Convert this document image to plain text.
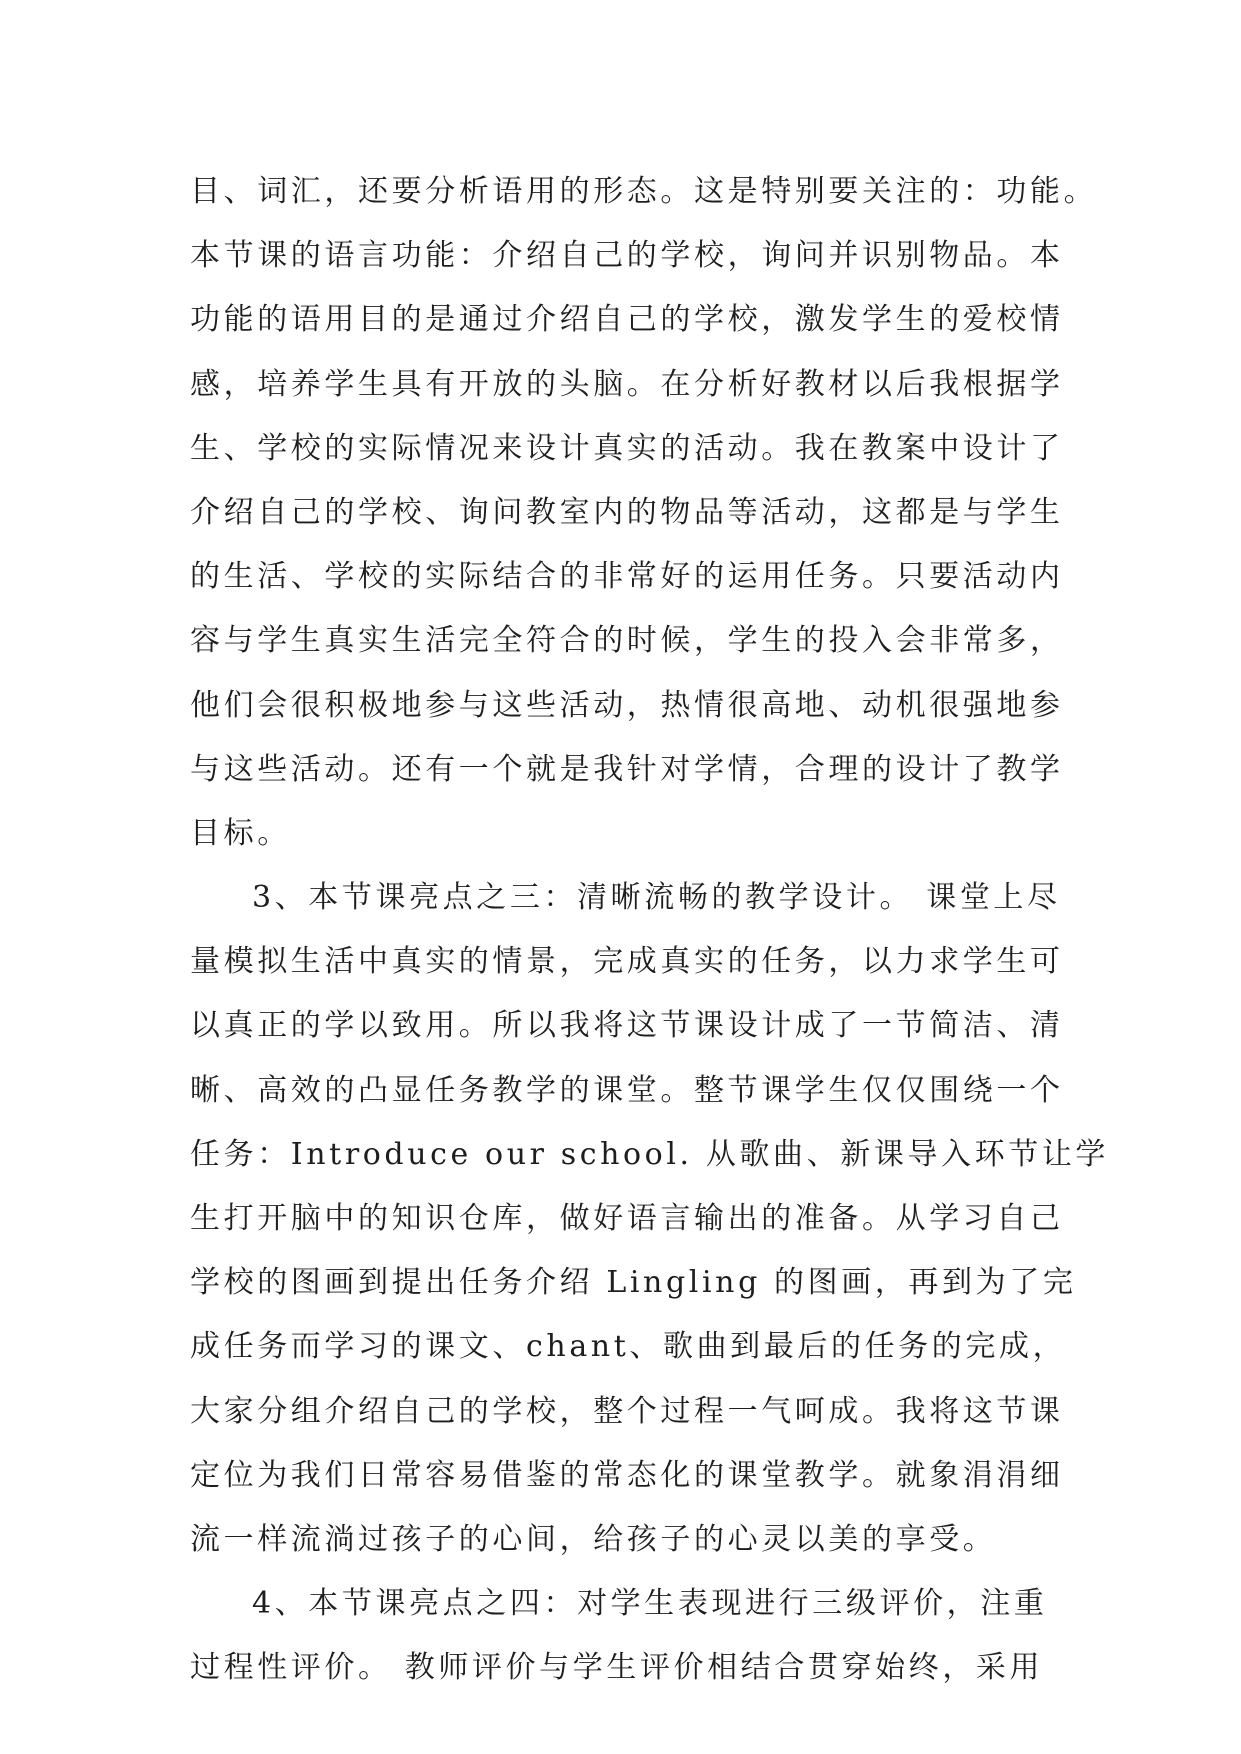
目、词汇，还要分析语用的形态。这是特别要关注的：功能。
本节课的语言功能：介绍自己的学校，询问并识别物品。本
功能的语用目的是通过介绍自己的学校，激发学生的爱校情
感，培养学生具有开放的头脑。在分析好教材以后我根据学
生、学校的实际情况来设计真实的活动。我在教案中设计了
介绍自己的学校、询问教室内的物品等活动，这都是与学生
的生活、学校的实际结合的非常好的运用任务。只要活动内
容与学生真实生活完全符合的时候，学生的投入会非常多，
他们会很积极地参与这些活动，热情很高地、动机很强地参
与这些活动。还有一个就是我针对学情，合理的设计了教学
目标。
3、本节课亮点之三：清晰流畅的教学设计。 课堂上尽
量模拟生活中真实的情景，完成真实的任务，以力求学生可
以真正的学以致用。所以我将这节课设计成了一节简洁、清
晰、高效的凸显任务教学的课堂。整节课学生仅仅围绕一个
任务：Introduce our school. 从歌曲、新课导入环节让学
生打开脑中的知识仓库，做好语言输出的准备。从学习自己
学校的图画到提出任务介绍 Lingling 的图画，再到为了完
成任务而学习的课文、chant、歌曲到最后的任务的完成，
大家分组介绍自己的学校，整个过程一气呵成。我将这节课
定位为我们日常容易借鉴的常态化的课堂教学。就象涓涓细
流一样流淌过孩子的心间，给孩子的心灵以美的享受。
4、本节课亮点之四：对学生表现进行三级评价，注重
过程性评价。 教师评价与学生评价相结合贯穿始终，采用
